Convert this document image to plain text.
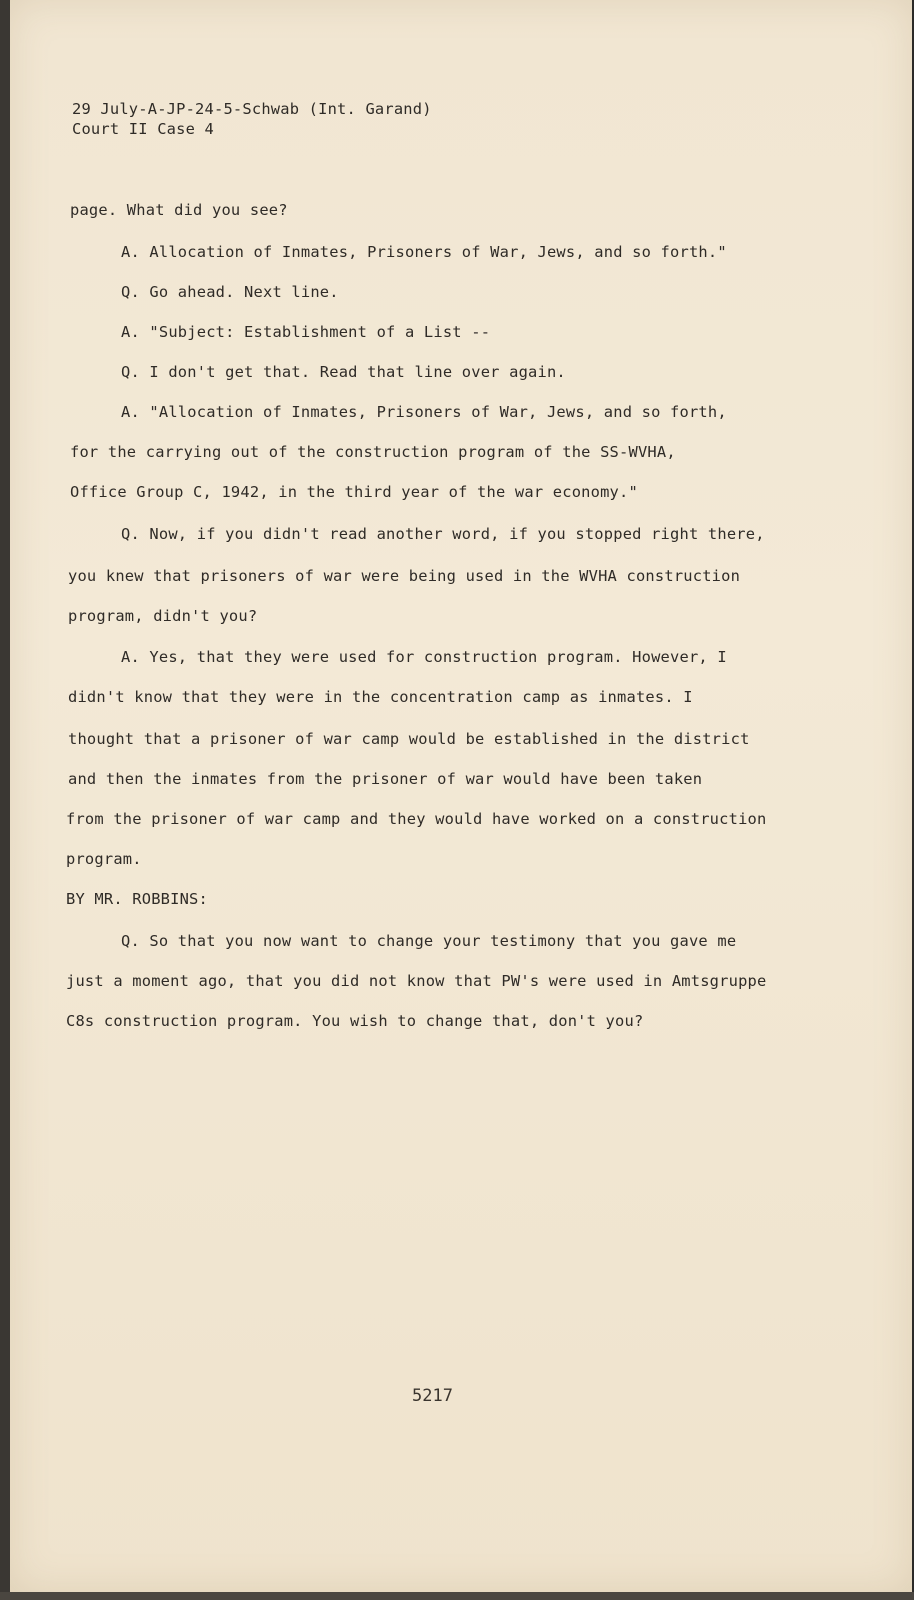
29 July-A-JP-24-5-Schwab (Int. Garand)
Court II Case 4
page. What did you see?
A. Allocation of Inmates, Prisoners of War, Jews, and so forth."
Q. Go ahead. Next line.
A. "Subject: Establishment of a List --
Q. I don't get that. Read that line over again.
A. "Allocation of Inmates, Prisoners of War, Jews, and so forth,
for the carrying out of the construction program of the SS-WVHA,
Office Group C, 1942, in the third year of the war economy."
Q. Now, if you didn't read another word, if you stopped right there,
you knew that prisoners of war were being used in the WVHA construction
program, didn't you?
A. Yes, that they were used for construction program. However, I
didn't know that they were in the concentration camp as inmates. I
thought that a prisoner of war camp would be established in the district
and then the inmates from the prisoner of war would have been taken
from the prisoner of war camp and they would have worked on a construction
program.
BY MR. ROBBINS:
Q. So that you now want to change your testimony that you gave me
just a moment ago, that you did not know that PW's were used in Amtsgruppe
C8s construction program. You wish to change that, don't you?
5217
